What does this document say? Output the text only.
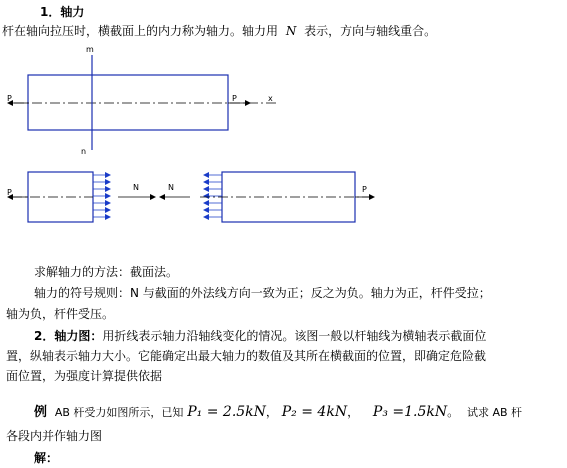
1．轴力
杆在轴向拉压时，横截面上的内力称为轴力。轴力用 N 表示，方向与轴线重合。
P	P	x
m
n
P
N	N	P
求解轴力的方法：截面法。
轴力的符号规则：N 与截面的外法线方向一致为正；反之为负。轴力为正，杆件受拉；
轴为负，杆件受压。
2．轴力图：用折线表示轴力沿轴线变化的情况。该图一般以杆轴线为横轴表示截面位
置，纵轴表示轴力大小。它能确定出最大轴力的数值及其所在横截面的位置，即确定危险截
面位置，为强度计算提供依据
例 AB 杆受力如图所示，已知 P₁ = 2.5kN， P₂ = 4kN， P₃ =1.5kN。 试求 AB 杆
各段内并作轴力图
解：
